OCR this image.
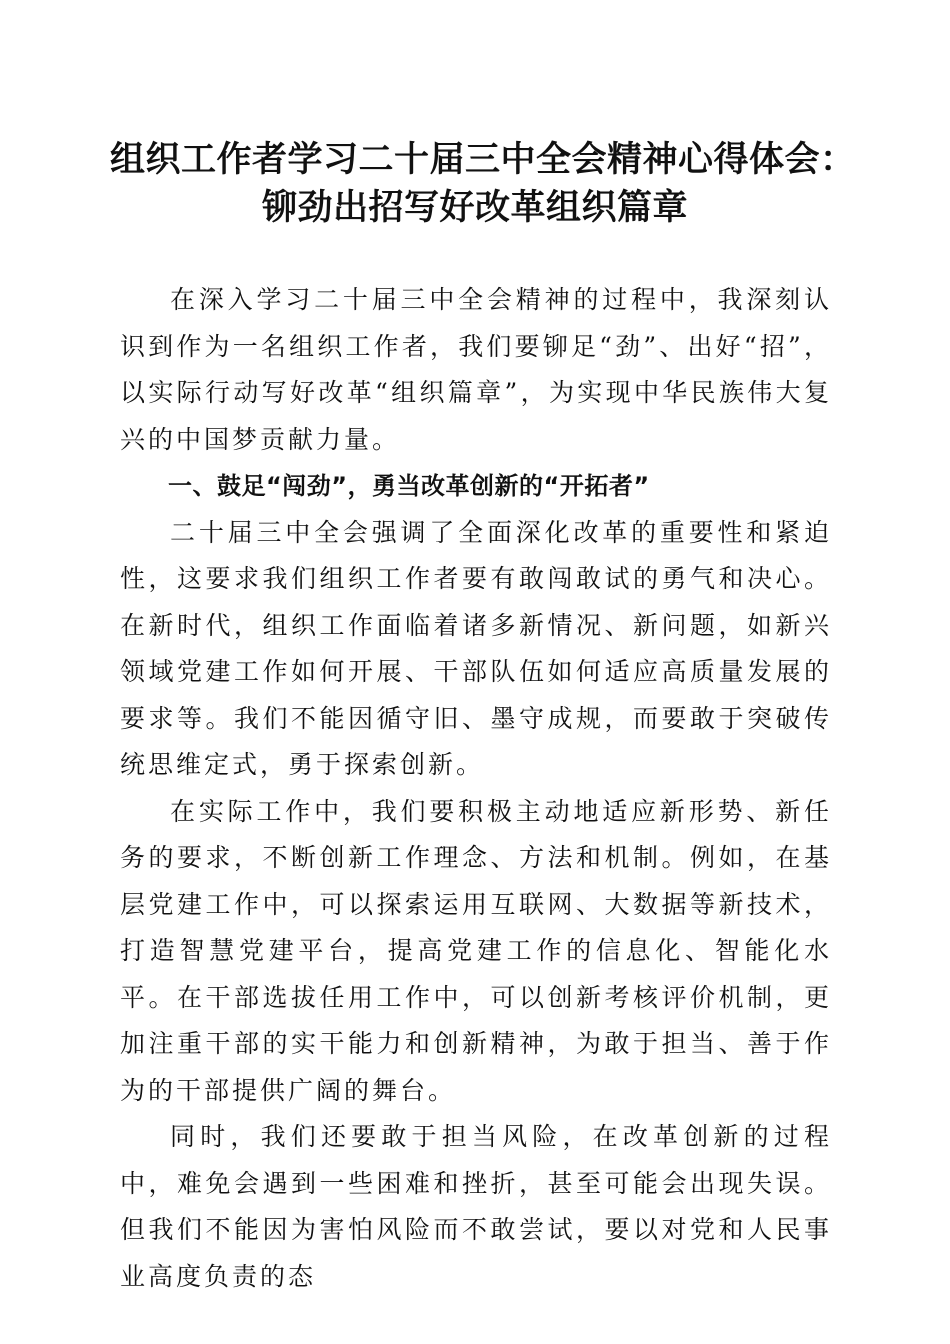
组织工作者学习二十届三中全会精神心得体会：
铆劲出招写好改革组织篇章

在深入学习二十届三中全会精神的过程中，我深刻认识到作为一名组织工作者，我们要铆足“劲”、出好“招”，以实际行动写好改革“组织篇章”，为实现中华民族伟大复兴的中国梦贡献力量。

一、鼓足“闯劲”，勇当改革创新的“开拓者”

二十届三中全会强调了全面深化改革的重要性和紧迫性，这要求我们组织工作者要有敢闯敢试的勇气和决心。在新时代，组织工作面临着诸多新情况、新问题，如新兴领域党建工作如何开展、干部队伍如何适应高质量发展的要求等。我们不能因循守旧、墨守成规，而要敢于突破传统思维定式，勇于探索创新。

在实际工作中，我们要积极主动地适应新形势、新任务的要求，不断创新工作理念、方法和机制。例如，在基层党建工作中，可以探索运用互联网、大数据等新技术，打造智慧党建平台，提高党建工作的信息化、智能化水平。在干部选拔任用工作中，可以创新考核评价机制，更加注重干部的实干能力和创新精神，为敢于担当、善于作为的干部提供广阔的舞台。

同时，我们还要敢于担当风险，在改革创新的过程中，难免会遇到一些困难和挫折，甚至可能会出现失误。但我们不能因为害怕风险而不敢尝试，要以对党和人民事业高度负责的态
